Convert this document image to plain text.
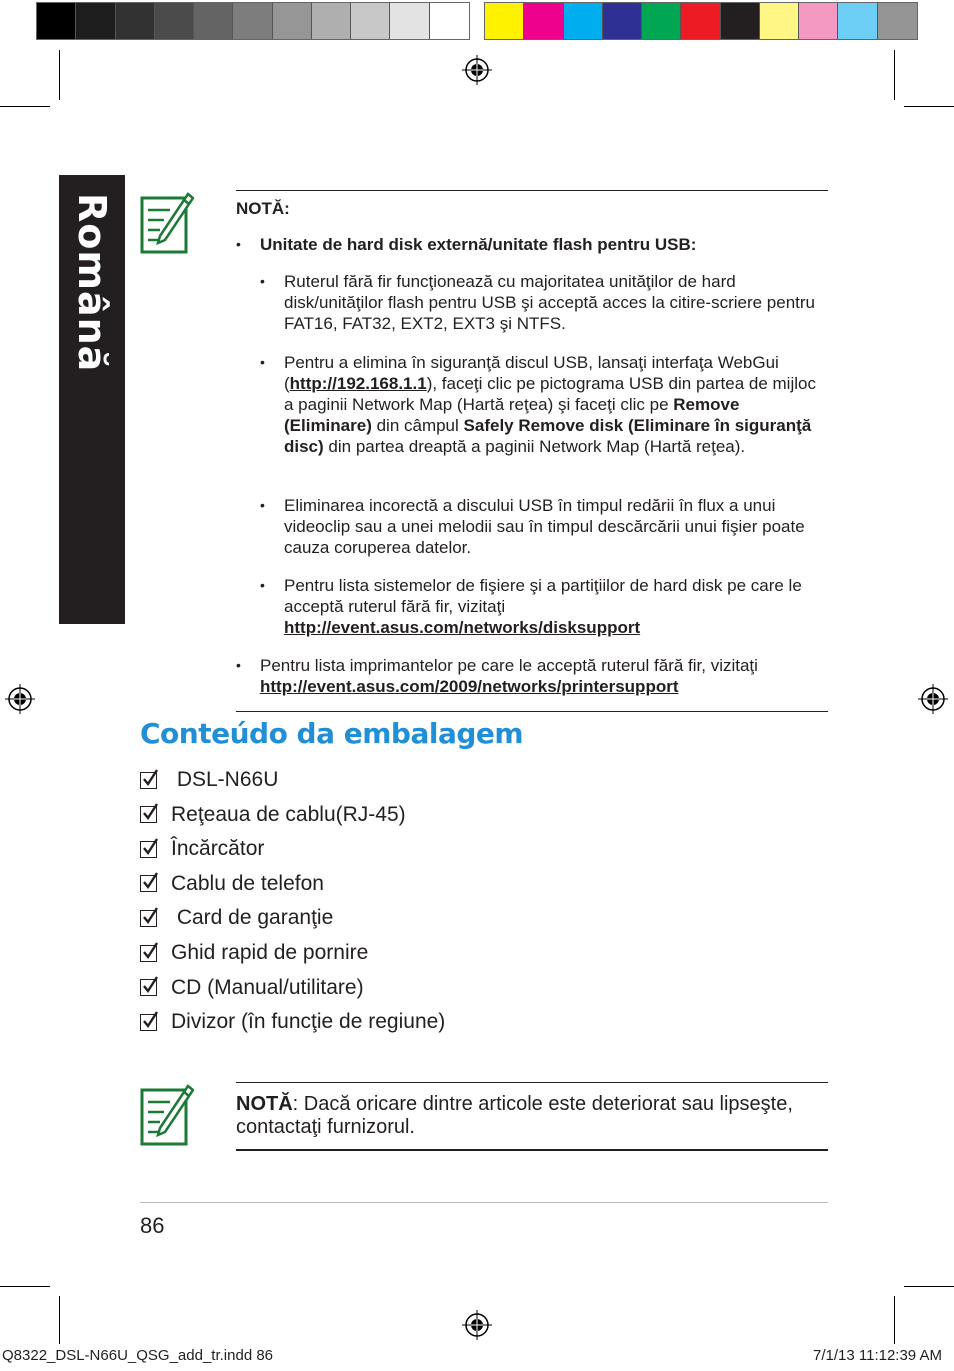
Română	NOTĂ:
• Unitate de hard disk externă/unitate flash pentru USB:
• Ruterul fără fir funcţionează cu majoritatea unităţilor de hard disk/unităţilor flash pentru USB şi acceptă acces la citire-scriere pentru FAT16, FAT32, EXT2, EXT3 şi NTFS.
• Pentru a elimina în siguranţă discul USB, lansaţi interfaţa WebGui (http://192.168.1.1), faceţi clic pe pictograma USB din partea de mijloc a paginii Network Map (Hartă reţea) şi faceţi clic pe Remove (Eliminare) din câmpul Safely Remove disk (Eliminare în siguranţă disc) din partea dreaptă a paginii Network Map (Hartă reţea).
• Eliminarea incorectă a discului USB în timpul redării în flux a unui videoclip sau a unei melodii sau în timpul descărcării unui fişier poate cauza coruperea datelor.
• Pentru lista sistemelor de fişiere şi a partiţiilor de hard disk pe care le acceptă ruterul fără fir, vizitaţi
http://event.asus.com/networks/disksupport
• Pentru lista imprimantelor pe care le acceptă ruterul fără fir, vizitaţi http://event.asus.com/2009/networks/printersupport
Conteúdo da embalagem
DSL-N66U
Reţeaua de cablu(RJ-45)
Încărcător
Cablu de telefon
Card de garanţie
Ghid rapid de pornire
CD (Manual/utilitare)
Divizor (în funcţie de regiune)
NOTĂ: Dacă oricare dintre articole este deteriorat sau lipseşte, contactaţi furnizorul.
86
Q8322_DSL-N66U_QSG_add_tr.indd 86	7/1/13 11:12:39 AM
